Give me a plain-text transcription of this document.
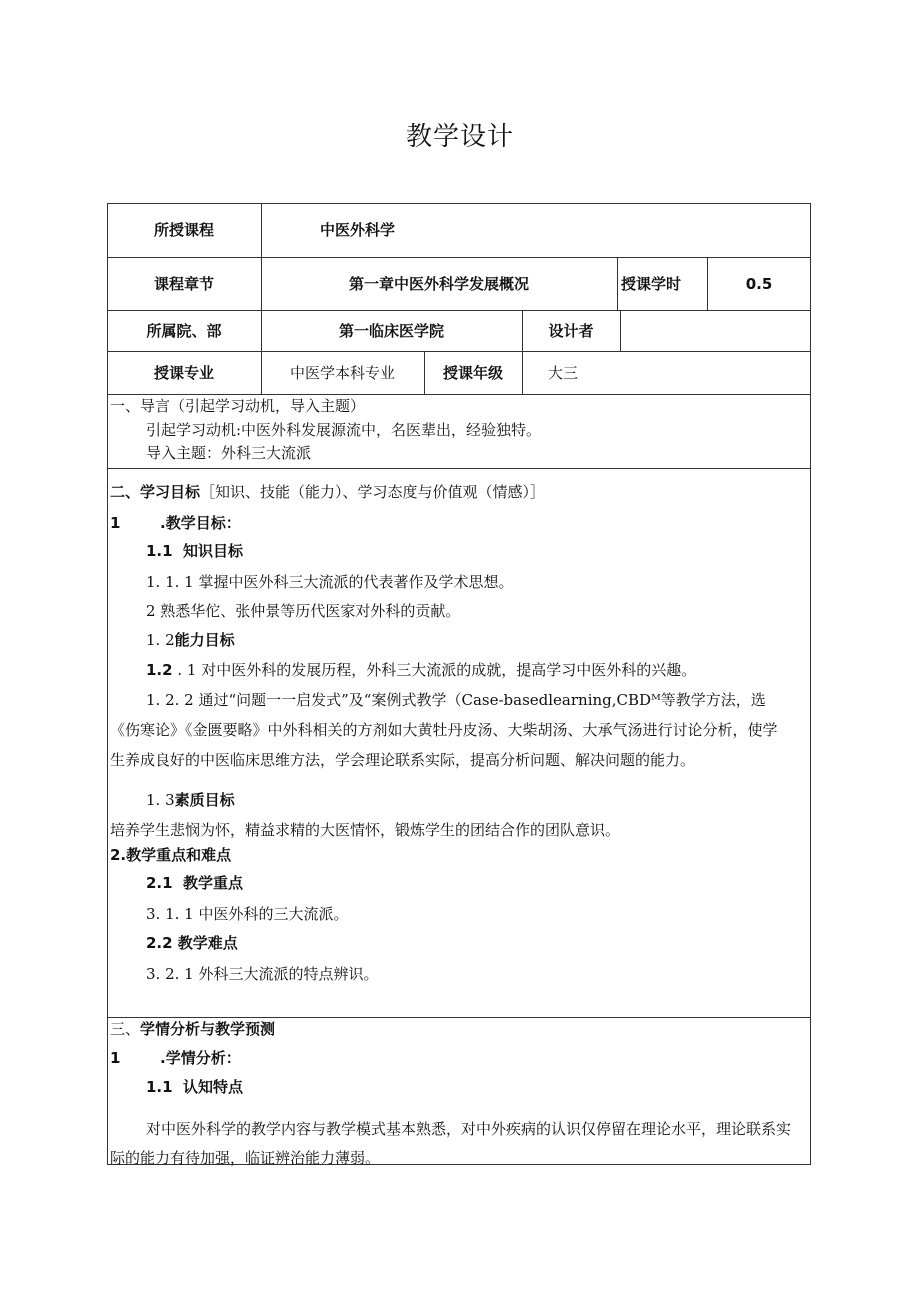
教学设计
所授课程	中医外科学
课程章节	第一章中医外科学发展概况	授课学时	0.5
所属院、部	第一临床医学院	设计者
授课专业	中医学本科专业	授课年级	大三
一、导言（引起学习动机，导入主题）
引起学习动机:中医外科发展源流中，名医辈出，经验独特。
导入主题：外科三大流派
二、学习目标［知识、技能（能力）、学习态度与价值观（情感）］
1	.教学目标：
1.1 知识目标
1. 1. 1 掌握中医外科三大流派的代表著作及学术思想。
2 熟悉华佗、张仲景等历代医家对外科的贡献。
1. 2能力目标
1.2 . 1 对中医外科的发展历程，外科三大流派的成就，提高学习中医外科的兴趣。
1. 2. 2 通过“问题一一启发式”及“案例式教学（Case-basedlearning,CBDᴹ等教学方法，选
《伤寒论》《金匮要略》中外科相关的方剂如大黄牡丹皮汤、大柴胡汤、大承气汤进行讨论分析，使学
生养成良好的中医临床思维方法，学会理论联系实际，提高分析问题、解决问题的能力。
1. 3素质目标
培养学生悲悯为怀，精益求精的大医情怀，锻炼学生的团结合作的团队意识。
2.教学重点和难点
2.1 教学重点
3. 1. 1 中医外科的三大流派。
2.2 教学难点
3. 2. 1 外科三大流派的特点辨识。
三、学情分析与教学预测
1	.学情分析：
1.1 认知特点
对中医外科学的教学内容与教学模式基本熟悉，对中外疾病的认识仅停留在理论水平，理论联系实
际的能力有待加强，临证辨治能力薄弱。
